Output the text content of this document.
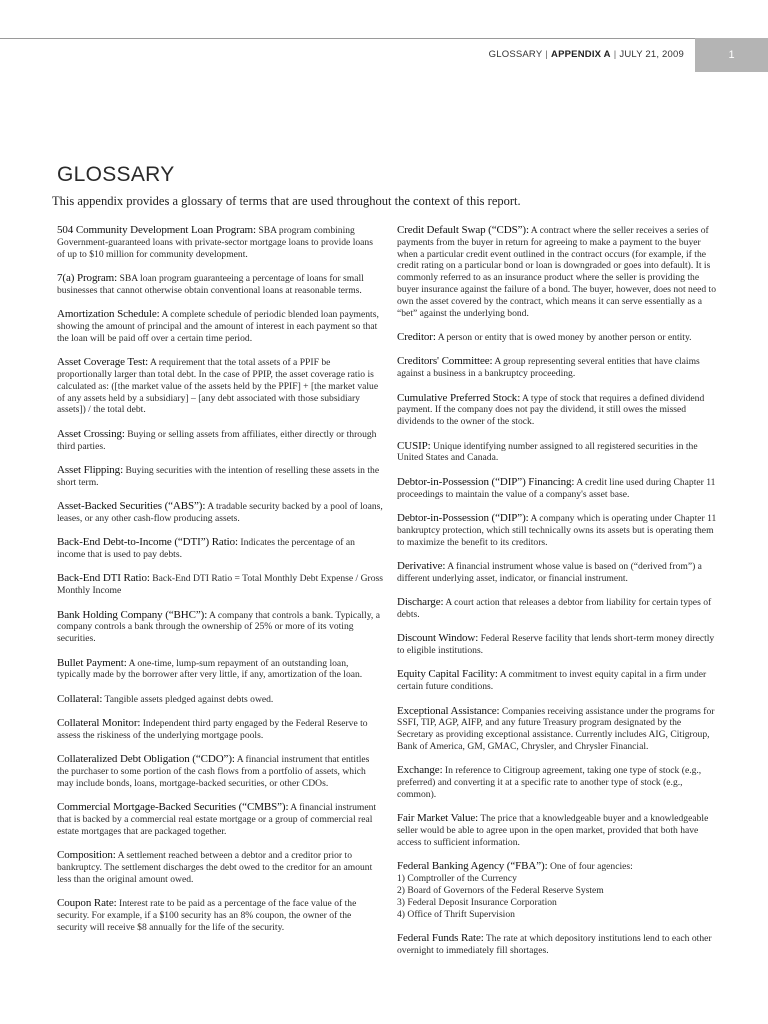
GLOSSARY | APPENDIX A | JULY 21, 2009	1
GLOSSARY

This appendix provides a glossary of terms that are used throughout the context of this report.

504 Community Development Loan Program: SBA program combining Government-guaranteed loans with private-sector mortgage loans to provide loans of up to $10 million for community development.

7(a) Program: SBA loan program guaranteeing a percentage of loans for small businesses that cannot otherwise obtain conventional loans at reasonable terms.

Amortization Schedule: A complete schedule of periodic blended loan payments, showing the amount of principal and the amount of interest in each payment so that the loan will be paid off over a certain time period.

Asset Coverage Test: A requirement that the total assets of a PPIF be proportionally larger than total debt. In the case of PPIP, the asset coverage ratio is calculated as: ([the market value of the assets held by the PPIF] + [the market value of any assets held by a subsidiary] – [any debt associated with those subsidiary assets]) / the total debt.

Asset Crossing: Buying or selling assets from affiliates, either directly or through third parties.

Asset Flipping: Buying securities with the intention of reselling these assets in the short term.

Asset-Backed Securities (“ABS”): A tradable security backed by a pool of loans, leases, or any other cash-flow producing assets.

Back-End Debt-to-Income (“DTI”) Ratio: Indicates the percentage of an income that is used to pay debts.

Back-End DTI Ratio: Back-End DTI Ratio = Total Monthly Debt Expense / Gross Monthly Income

Bank Holding Company (“BHC”): A company that controls a bank. Typically, a company controls a bank through the ownership of 25% or more of its voting securities.

Bullet Payment: A one-time, lump-sum repayment of an outstanding loan, typically made by the borrower after very little, if any, amortization of the loan.

Collateral: Tangible assets pledged against debts owed.

Collateral Monitor: Independent third party engaged by the Federal Reserve to assess the riskiness of the underlying mortgage pools.

Collateralized Debt Obligation (“CDO”): A financial instrument that entitles the purchaser to some portion of the cash flows from a portfolio of assets, which may include bonds, loans, mortgage-backed securities, or other CDOs.

Commercial Mortgage-Backed Securities (“CMBS”): A financial instrument that is backed by a commercial real estate mortgage or a group of commercial real estate mortgages that are packaged together.

Composition: A settlement reached between a debtor and a creditor prior to bankruptcy. The settlement discharges the debt owed to the creditor for an amount less than the original amount owed.

Coupon Rate: Interest rate to be paid as a percentage of the face value of the security. For example, if a $100 security has an 8% coupon, the owner of the security will receive $8 annually for the life of the security.

Credit Default Swap (“CDS”): A contract where the seller receives a series of payments from the buyer in return for agreeing to make a payment to the buyer when a particular credit event outlined in the contract occurs (for example, if the credit rating on a particular bond or loan is downgraded or goes into default). It is commonly referred to as an insurance product where the seller is providing the buyer insurance against the failure of a bond. The buyer, however, does not need to own the asset covered by the contract, which means it can serve essentially as a “bet” against the underlying bond.

Creditor: A person or entity that is owed money by another person or entity.

Creditors' Committee: A group representing several entities that have claims against a business in a bankruptcy proceeding.

Cumulative Preferred Stock: A type of stock that requires a defined dividend payment. If the company does not pay the dividend, it still owes the missed dividends to the owner of the stock.

CUSIP: Unique identifying number assigned to all registered securities in the United States and Canada.

Debtor-in-Possession (“DIP”) Financing: A credit line used during Chapter 11 proceedings to maintain the value of a company's asset base.

Debtor-in-Possession (“DIP”): A company which is operating under Chapter 11 bankruptcy protection, which still technically owns its assets but is operating them to maximize the benefit to its creditors.

Derivative: A financial instrument whose value is based on (“derived from”) a different underlying asset, indicator, or financial instrument.

Discharge: A court action that releases a debtor from liability for certain types of debts.

Discount Window: Federal Reserve facility that lends short-term money directly to eligible institutions.

Equity Capital Facility: A commitment to invest equity capital in a firm under certain future conditions.

Exceptional Assistance: Companies receiving assistance under the programs for SSFI, TIP, AGP, AIFP, and any future Treasury program designated by the Secretary as providing exceptional assistance. Currently includes AIG, Citigroup, Bank of America, GM, GMAC, Chrysler, and Chrysler Financial.

Exchange: In reference to Citigroup agreement, taking one type of stock (e.g., preferred) and converting it at a specific rate to another type of stock (e.g., common).

Fair Market Value: The price that a knowledgeable buyer and a knowledgeable seller would be able to agree upon in the open market, provided that both have access to sufficient information.

Federal Banking Agency (“FBA”): One of four agencies:
1) Comptroller of the Currency
2) Board of Governors of the Federal Reserve System
3) Federal Deposit Insurance Corporation
4) Office of Thrift Supervision

Federal Funds Rate: The rate at which depository institutions lend to each other overnight to immediately fill shortages.
